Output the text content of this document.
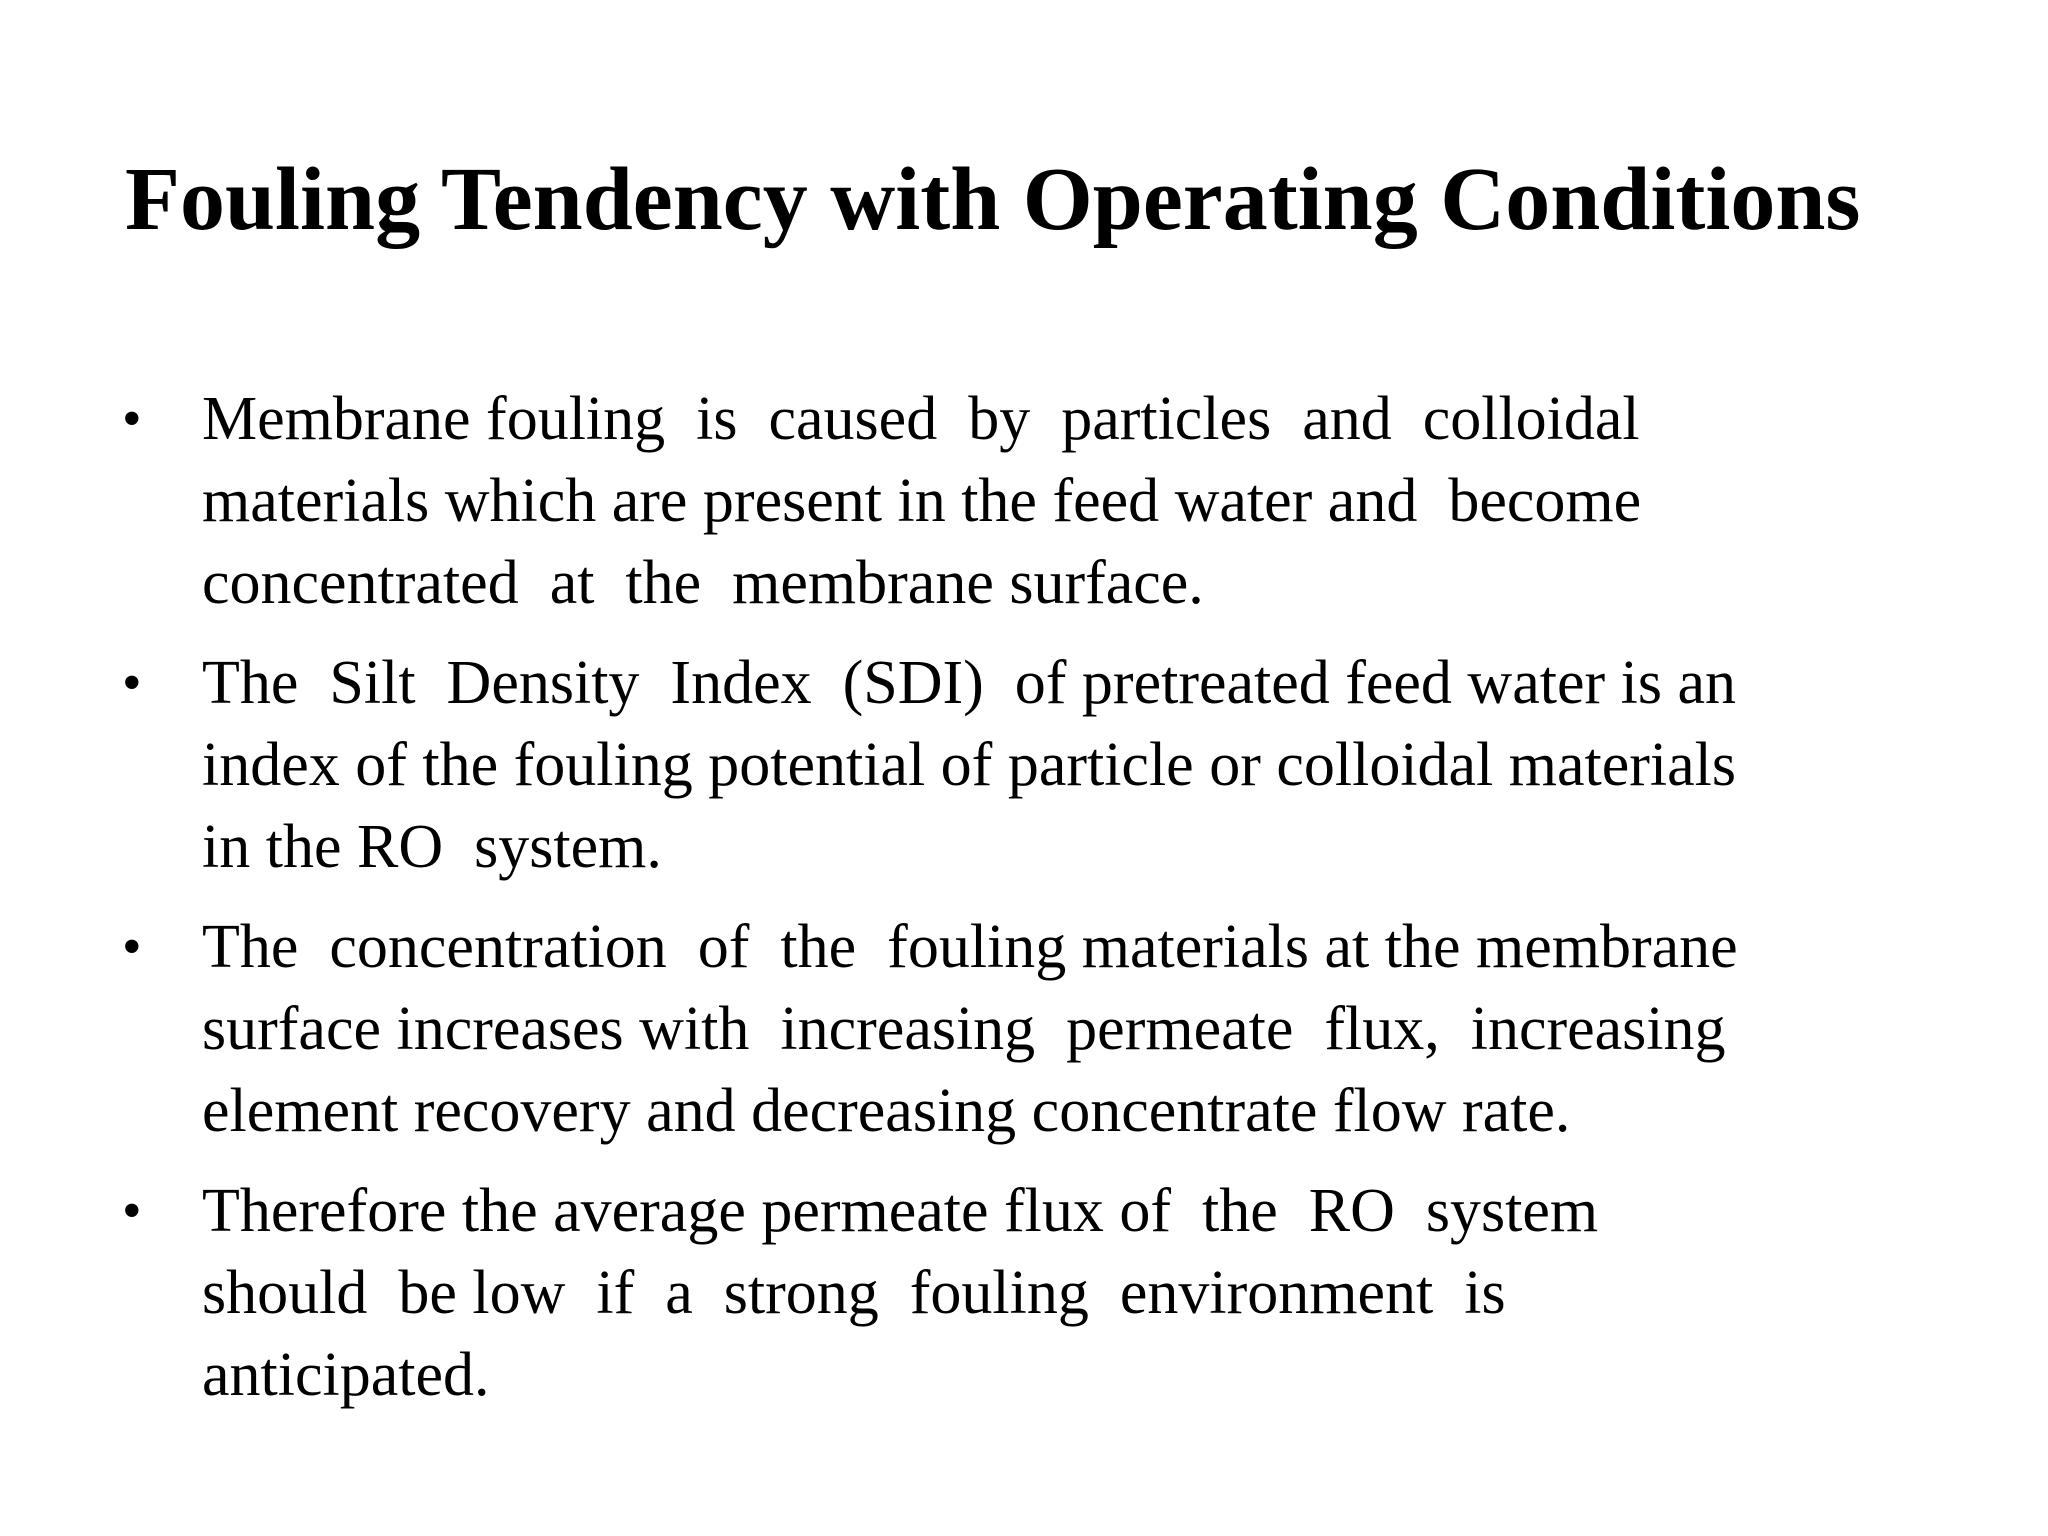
Fouling Tendency with Operating Conditions
• Membrane fouling  is  caused  by  particles  and  colloidal
materials which are present in the feed water and  become
concentrated  at  the  membrane surface.
• The  Silt  Density  Index  (SDI)  of pretreated feed water is an
index of the fouling potential of particle or colloidal materials
in the RO  system.
• The  concentration  of  the  fouling materials at the membrane
surface increases with  increasing  permeate  flux,  increasing
element recovery and decreasing concentrate flow rate.
• Therefore the average permeate flux of  the  RO  system
should  be low  if  a  strong  fouling  environment  is
anticipated.
